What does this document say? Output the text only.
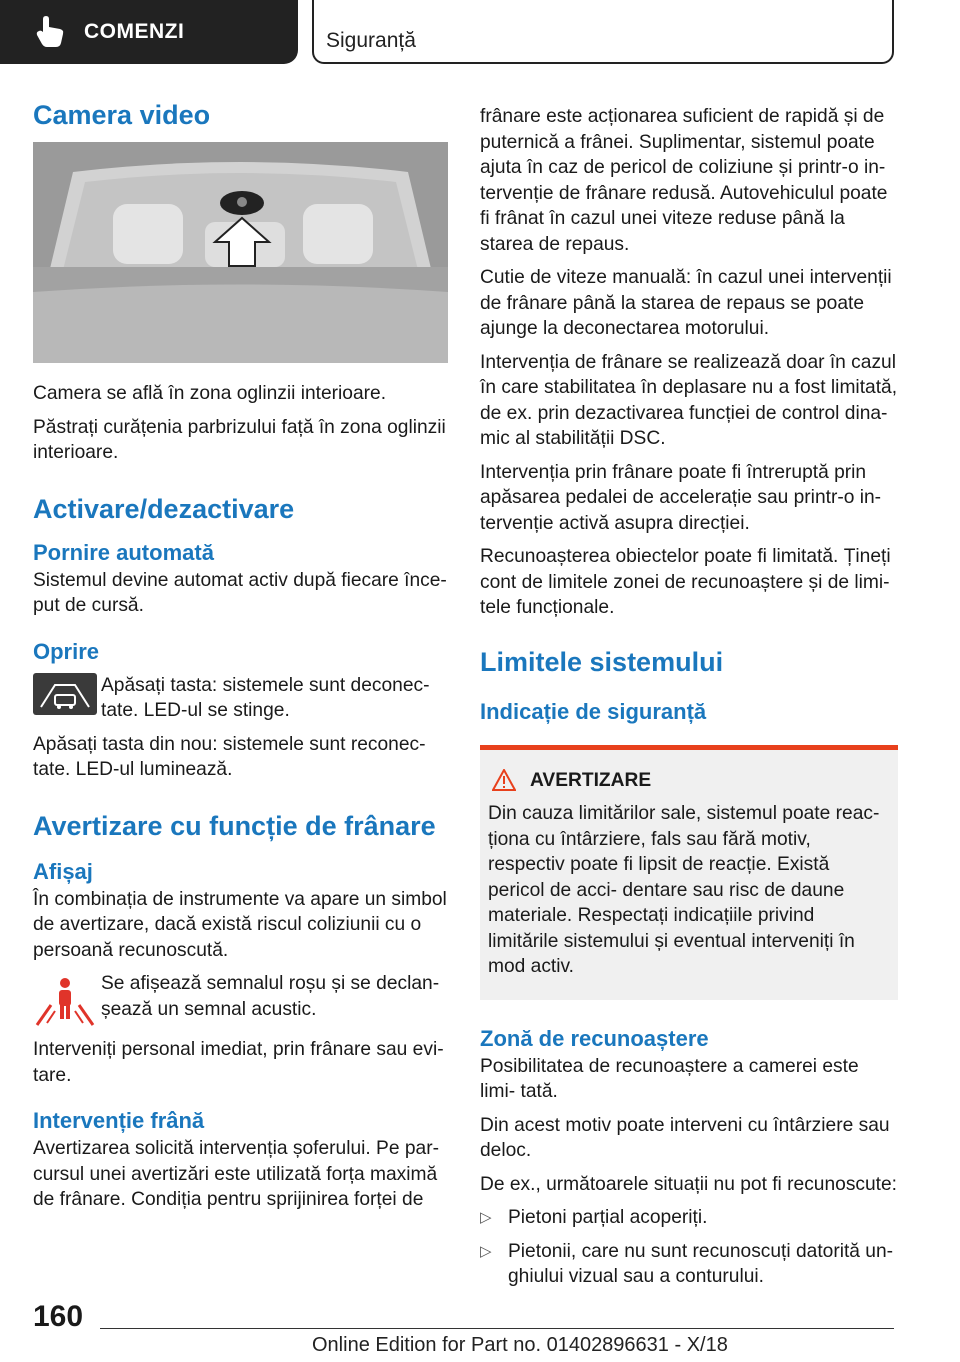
COMENZI	Siguranță
Camera video

Camera se află în zona oglinzii interioare.

Păstrați curățenia parbrizului față în zona oglinzii interioare.

Activare/dezactivare
Pornire automată

Sistemul devine automat activ după fiecare înce‐ put de cursă.

Oprire
Apăsați tasta: sistemele sunt deconec‐ tate. LED-ul se stinge.

Apăsați tasta din nou: sistemele sunt reconec‐ tate. LED-ul luminează.

Avertizare cu funcție de frânare
Afișaj

În combinația de instrumente va apare un simbol de avertizare, dacă există riscul coliziunii cu o persoană recunoscută.

Se afișează semnalul roșu și se declan‐ șează un semnal acustic.

Interveniți personal imediat, prin frânare sau evi‐ tare.

Intervenție frână

Avertizarea solicită intervenția șoferului. Pe par‐ cursul unei avertizări este utilizată forța maximă de frânare. Condiția pentru sprijinirea forței de

frânare este acționarea suficient de rapidă și de puternică a frânei. Suplimentar, sistemul poate ajuta în caz de pericol de coliziune și printr-o in‐ tervenție de frânare redusă. Autovehiculul poate fi frânat în cazul unei viteze reduse până la starea de repaus.

Cutie de viteze manuală: în cazul unei intervenții de frânare până la starea de repaus se poate ajunge la deconectarea motorului.

Intervenția de frânare se realizează doar în cazul în care stabilitatea în deplasare nu a fost limitată, de ex. prin dezactivarea funcției de control dina‐ mic al stabilității DSC.

Intervenția prin frânare poate fi întreruptă prin apăsarea pedalei de accelerație sau printr-o in‐ tervenție activă asupra direcției.

Recunoașterea obiectelor poate fi limitată. Țineți cont de limitele zonei de recunoaștere și de limi‐ tele funcționale.

Limitele sistemului
Indicație de siguranță
AVERTIZARE
Din cauza limitărilor sale, sistemul poate reac‐ ționa cu întârziere, fals sau fără motiv, respectiv poate fi lipsit de reacție. Există pericol de acci‐ dentare sau risc de daune materiale. Respectați indicațiile privind limitările sistemului și eventual interveniți în mod activ.
Zonă de recunoaștere

Posibilitatea de recunoaștere a camerei este limi‐ tată.

Din acest motiv poate interveni cu întârziere sau deloc.

De ex., următoarele situații nu pot fi recunoscute:

▷ Pietoni parțial acoperiți.
▷ Pietonii, care nu sunt recunoscuți datorită un‐ ghiului vizual sau a conturului.
160
Online Edition for Part no. 01402896631 - X/18
